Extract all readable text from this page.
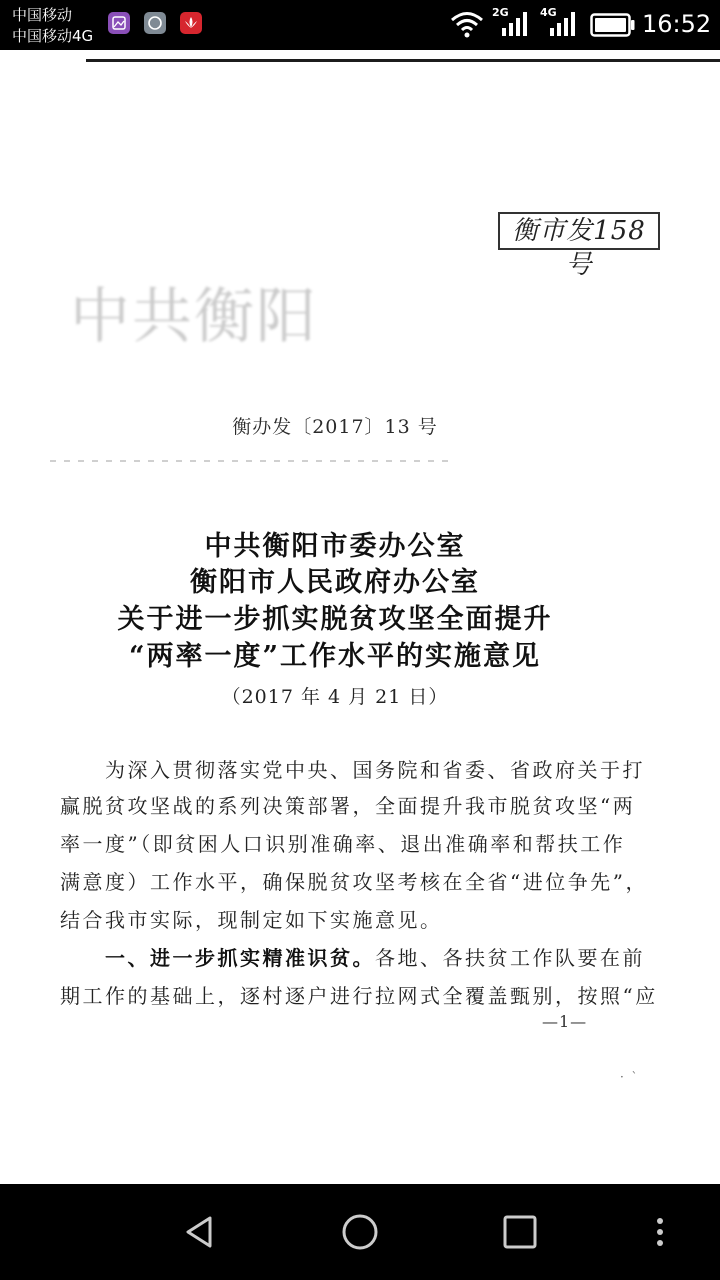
中国移动
中国移动4G
2G	4G	16:52
衡市发158号
中共衡阳
衡办发〔2017〕13 号
中共衡阳市委办公室
衡阳市人民政府办公室
关于进一步抓实脱贫攻坚全面提升
“两率一度”工作水平的实施意见
（2017 年 4 月 21 日）
　　为深入贯彻落实党中央、国务院和省委、省政府关于打
赢脱贫攻坚战的系列决策部署，全面提升我市脱贫攻坚“两
率一度”（即贫困人口识别准确率、退出准确率和帮扶工作
满意度）工作水平，确保脱贫攻坚考核在全省“进位争先”，
结合我市实际，现制定如下实施意见。
　　一、进一步抓实精准识贫。各地、各扶贫工作队要在前
期工作的基础上，逐村逐户进行拉网式全覆盖甄别，按照“应
—1—
·  ˋ
